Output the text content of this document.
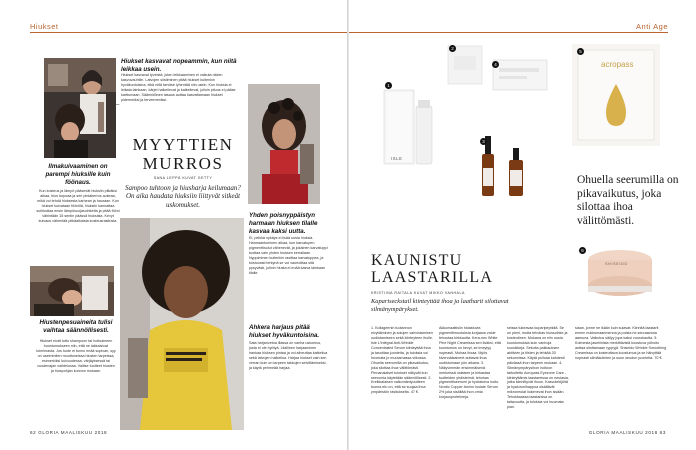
Hiukset
Hiukset kasvavat nopeammin, kun niitä leikkaa usein.
Hiukset kasvavat tyveistä, joten leikkaaminen ei vaikuta niiden kasvuvauhtiin. Latvojen siistiminen pitää hiukset kuitenkin hyväkuntoisina, eikä niitä tarvitse lyhentää niin usein. Kun hiuksia ei leikata lainkaan, kärjet halkeilevat ja katkeilevat, jolloin pituus ei pääse karttumaan. Säännöllinen tasaus auttaa kasvattamaan hiukset pidemmiksi ja terveemmiksi.
–
MYYTTIEN MURROS
SANA LEPPÄ KUVAT GETTY
Sampoo tuhtoon ja hiusharja keilumaan? On aika haudata hiuksiin liittyvät sitkeät uskomukset.
Ilmakuivaaminen on parempi hiuksille kuin föönaus.
Kun kosteus ja lämpö pääsevät hiuksiin pitkäksi aikaa, hius turpoaa ja sen pintakerros aukeaa, mikä voi tehdä hiuksesta karhean ja hauraan. Kun hiukset kuivataan föönillä, hiuksiin kannattaa suihkuttaa ensin lämpösuojasuihketta ja pitää fööni vähintään 15 sentin päässä hiuksista. Kevyt kuivaus vähentää pitkäaikaista kosteusrasitusta.
Yhden poisnyppäistyn harmaan hiuksen tilalle kasvaa kaksi uutta.
Ei, pelkkä nykäys ei lisää uusia hiuksia. Harmaantuminen alkaa, kun karvatupen pigmenttisolut vähenevät, ja jokainen karvatuppi tuottaa vain yhden hiuksen kerrallaan. Nyppiminen kuitenkin rasittaa karvatuppea, ja toistuvasti tehtynä se voi vaurioittaa sitä pysyvästi, jolloin hiusta ei enää kasva lainkaan tilalle.
Hiustenpesuaineita tulisi vaihtaa säännöllisesti.
Hiukset eivät tottu shampoon tai hoitoaineen koostumukseen niin, että ne lakkaisivat toimimasta. Jos tuote ei tunnu enää sopivan, syy on useimmiten muuttuneissa hiusten tarpeissa, esimerkiksi kuivuudessa, värjäyksessä tai vuodenajan vaihtelussa. Valitse tuotteet hiusten ja hiuspohjan kunnon mukaan.
Ahkera harjaus pitää hiukset hyväkuntoisina.
Sata harjanvetoa illassa on vanha uskomus, josta ei ole hyötyä. Liiallinen harjaaminen hankaa hiuksen pintaa ja voi aiheuttaa katkeilua sekä latvojen halkeilua. Harjaa hiukset vain sen verran kuin on tarpeen takkujen selvittämiseksi, ja käytä pehmeää harjaa.
62 GLORIA MAALISKUU 2018
Anti Age
ISLE
acropass
Ohuella seerumilla on pikavaikutus, joka silottaa ihoa välittömästi.
SHISEIDO
1
2
3
4
5
6
KAUNISTU LAASTARILLA
KRISTIINA RAITALA KUVAT MIKKO VANHALA
Kapariseckstail kiinteyttää ihoa ja laatharit silottavat silmänympärykset.
1. Kollageenin tuotannon elvyttäminen ja solujen vahvistaminen uudistamiseen sekä kiinteyteen iholle. Isle L'Intégral Anti-Wrinkle Concentrated Serum kiinteyttää ihoa ja tasoittaa juonteita, ja tuloksia voi huomata jo muutamassa viikossa. Ohuella seerumilla on pikavaikutus, joka silottaa ihoa välittömästi. Pinnanalaiset tulokset näkyvät kun seerumia käytetään säännöllisesti. 2. Kreikkalaisen valkomäntyuutteen tuoma etu on, että se suojaa ihoa ympäristön rasitukselta. 47 €.
Akkumaattisiin hidastuvia pigmenttimuutoksia korjaava voide tehostaa kirkkautta. Kera-nex White Pine Night Creamissa sen lisäksi, että koostumus on kevyt, se imeytyy nopeasti. Muhaa ihoaa. Myös kivennäisaineet auttavat ihoa uudistumaan yön aikana. 3. Näkyvimmän ensimmäisenä merkeissä valaisee ja kirkastaa tuotteiden yhdistelmä, tehokas pigmenttiseerumi ja hydratoiva hoito. Nordic Copper Amino Isolate Serum 2% joka sisältää ihon omia korjausproteiineja.
seissa tukeavaa kuparipeptidiä. Se on pieni, mutta tehokas hiussuihke ja kosteutinen. Mukana on niin uusia koostumuksia kuin vanhoja suosikkeja. Sekoita pakkauksen aktiivien ja tilsien ja tehkää 30 sekunnissa. Käytä pulloaa kahdesti päivässä ihon tarpeen mukaan. 4. Silmänympärysihon hoitoon tarkoitettu Acropass Eyezone Care -kiinteyttämis laastareissa on neulasia, jotka kiinnittyvät ihoon. Kasvutekijöitä ja hyaluronihappoa sisältävät mikroneulat liukenevat ihon sisään. Tehokkaassa laastarissa on taitavuutta, ja tuloksia voi huomata pian.
siaan, jonne ne ikään kuin sulavat. Kiinnitä laastarit ennen nukkumaanmenoa ja poista ne seuraavana aamuna. Vaikutus säilyy jopa kaksi vuorokautta. 5. Kolmesta jasmiinista merkittävistä koostuva yöhoito auttaa silottamaan ryppyjä. Shiseido Wrinkle Smoothing Creamissa on kosteuttava koostumus ja se häivyttää nopeasti silmäkulmien ja suun seudun juonteita. 70 €.
GLORIA MAALISKUU 2018 63
